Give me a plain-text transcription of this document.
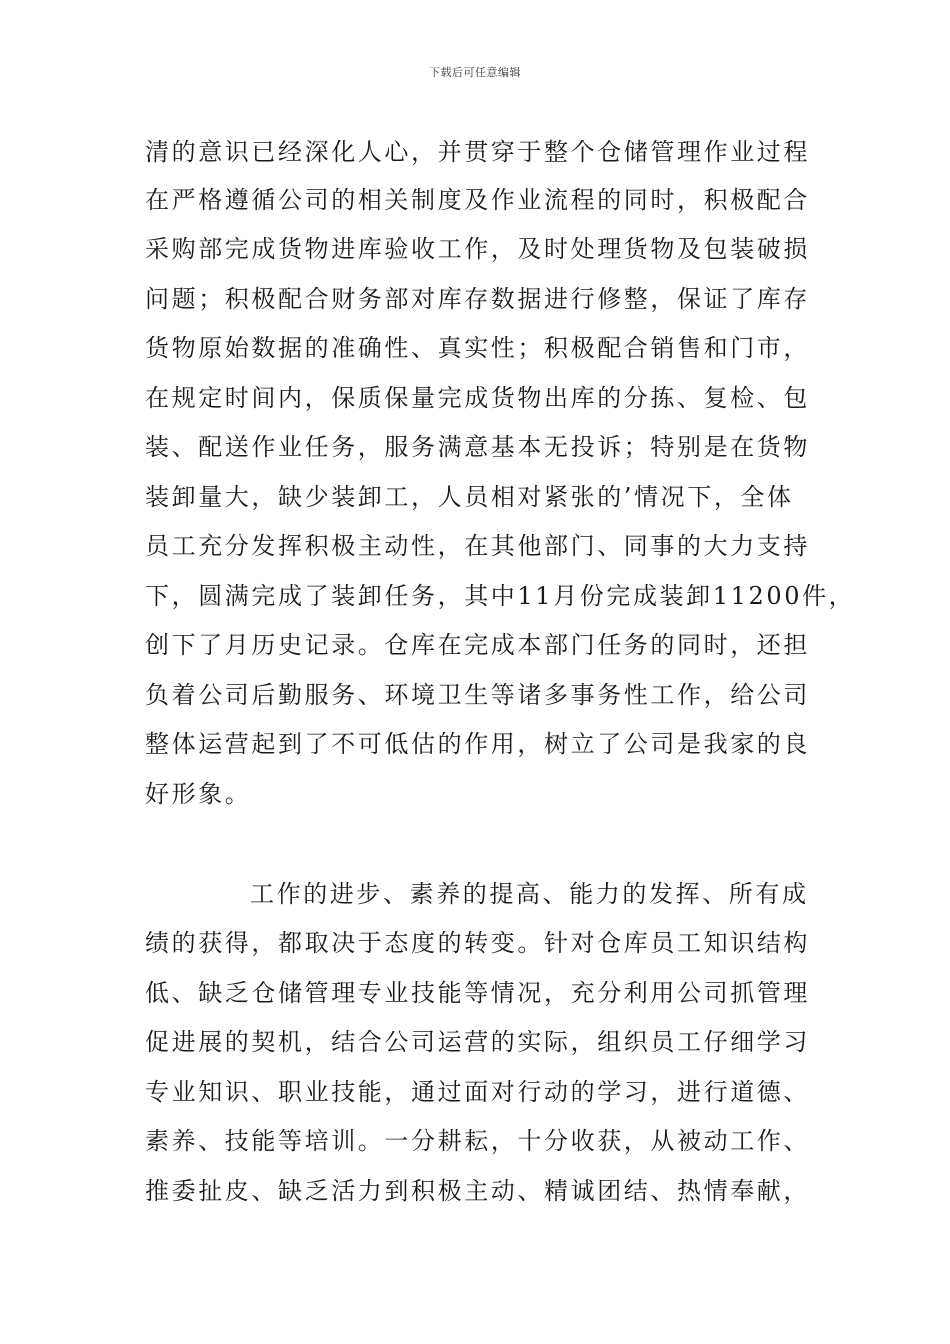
下载后可任意编辑
清的意识已经深化人心，并贯穿于整个仓储管理作业过程
在严格遵循公司的相关制度及作业流程的同时，积极配合
采购部完成货物进库验收工作，及时处理货物及包装破损
问题；积极配合财务部对库存数据进行修整，保证了库存
货物原始数据的准确性、真实性；积极配合销售和门市，
在规定时间内，保质保量完成货物出库的分拣、复检、包
装、配送作业任务，服务满意基本无投诉；特别是在货物
装卸量大，缺少装卸工，人员相对紧张的’情况下，全体
员工充分发挥积极主动性，在其他部门、同事的大力支持
下，圆满完成了装卸任务，其中11月份完成装卸11200件，
创下了月历史记录。仓库在完成本部门任务的同时，还担
负着公司后勤服务、环境卫生等诸多事务性工作，给公司
整体运营起到了不可低估的作用，树立了公司是我家的良
好形象。
工作的进步、素养的提高、能力的发挥、所有成
绩的获得，都取决于态度的转变。针对仓库员工知识结构
低、缺乏仓储管理专业技能等情况，充分利用公司抓管理
促进展的契机，结合公司运营的实际，组织员工仔细学习
专业知识、职业技能，通过面对行动的学习，进行道德、
素养、技能等培训。一分耕耘，十分收获，从被动工作、
推委扯皮、缺乏活力到积极主动、精诚团结、热情奉献，
